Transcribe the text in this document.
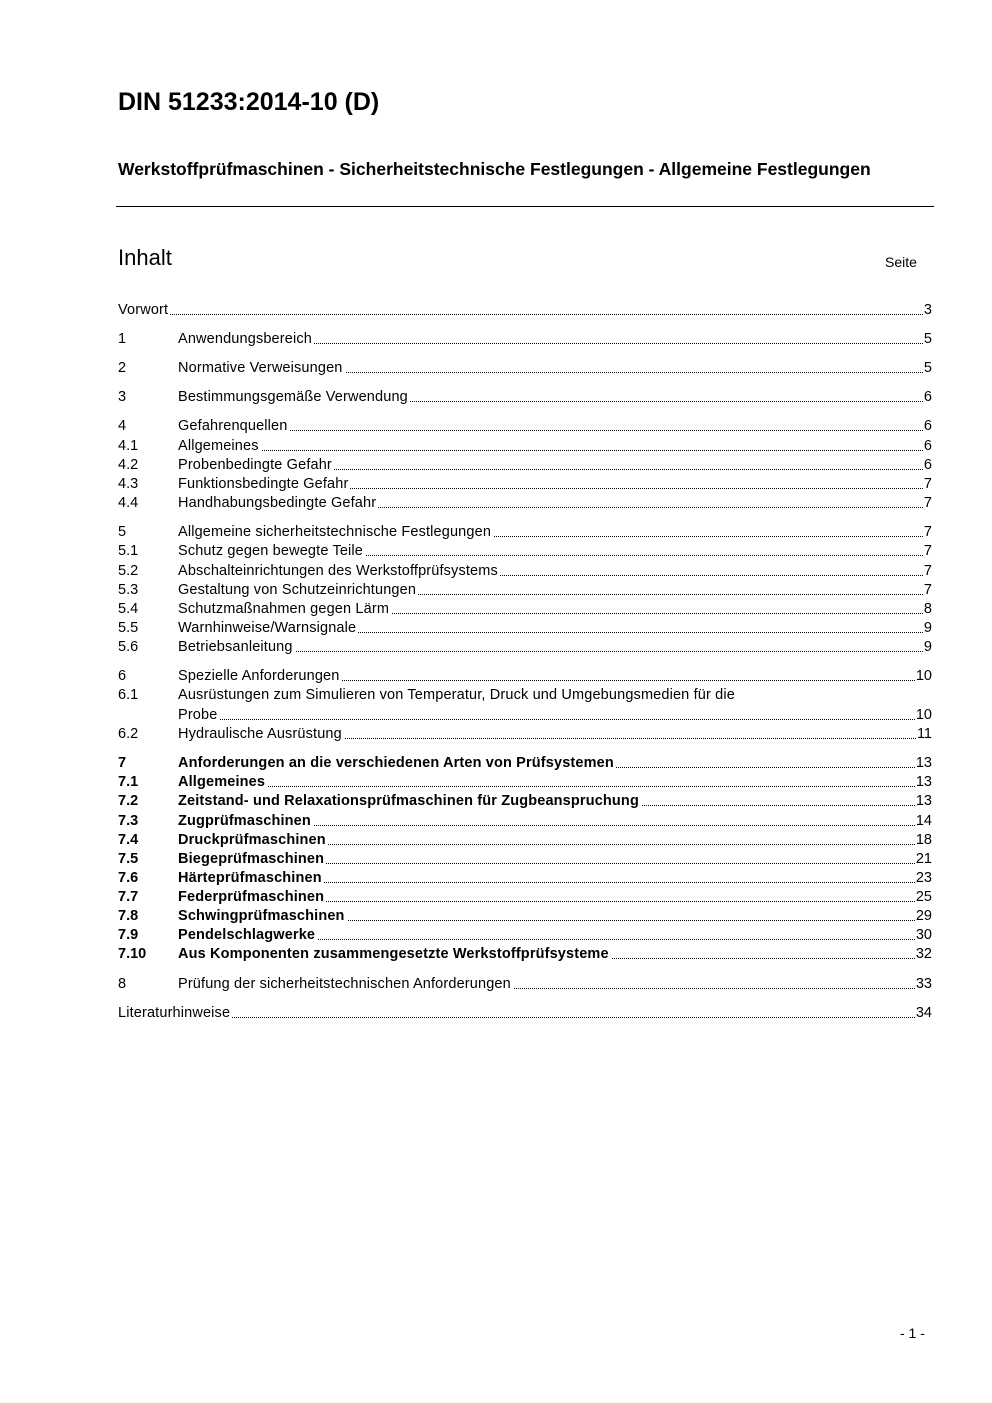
DIN 51233:2014-10 (D)
Werkstoffprüfmaschinen - Sicherheitstechnische Festlegungen - Allgemeine Festlegungen
Inhalt	Seite
Vorwort	3
1	Anwendungsbereich	5
2	Normative Verweisungen	5
3	Bestimmungsgemäße Verwendung	6
4	Gefahrenquellen	6
4.1	Allgemeines	6
4.2	Probenbedingte Gefahr	6
4.3	Funktionsbedingte Gefahr	7
4.4	Handhabungsbedingte Gefahr	7
5	Allgemeine sicherheitstechnische Festlegungen	7
5.1	Schutz gegen bewegte Teile	7
5.2	Abschalteinrichtungen des Werkstoffprüfsystems	7
5.3	Gestaltung von Schutzeinrichtungen	7
5.4	Schutzmaßnahmen gegen Lärm	8
5.5	Warnhinweise/Warnsignale	9
5.6	Betriebsanleitung	9
6	Spezielle Anforderungen	10
6.1	Ausrüstungen zum Simulieren von Temperatur, Druck und Umgebungsmedien für die
Probe	10
6.2	Hydraulische Ausrüstung	11
7	Anforderungen an die verschiedenen Arten von Prüfsystemen	13
7.1	Allgemeines	13
7.2	Zeitstand- und Relaxationsprüfmaschinen für Zugbeanspruchung	13
7.3	Zugprüfmaschinen	14
7.4	Druckprüfmaschinen	18
7.5	Biegeprüfmaschinen	21
7.6	Härteprüfmaschinen	23
7.7	Federprüfmaschinen	25
7.8	Schwingprüfmaschinen	29
7.9	Pendelschlagwerke	30
7.10	Aus Komponenten zusammengesetzte Werkstoffprüfsysteme	32
8	Prüfung der sicherheitstechnischen Anforderungen	33
Literaturhinweise	34
- 1 -
